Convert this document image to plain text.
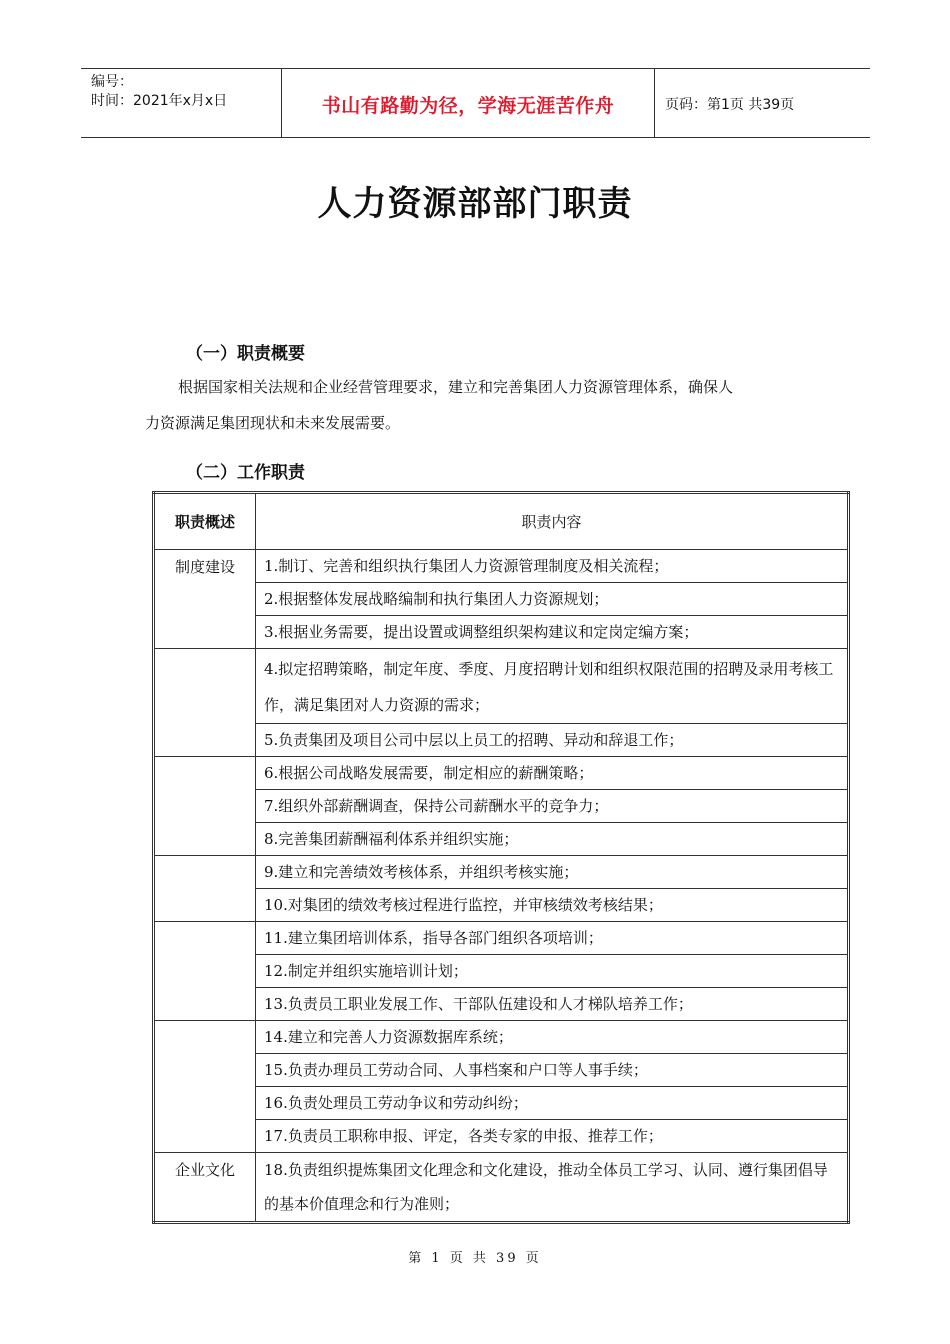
编号：
时间：2021年x月x日	书山有路勤为径，学海无涯苦作舟	页码：第1页 共39页
人力资源部部门职责
（一）职责概要
根据国家相关法规和企业经营管理要求，建立和完善集团人力资源管理体系，确保人
力资源满足集团现状和未来发展需要。
（二）工作职责
职责概述	职责内容
制度建设	1.制订、完善和组织执行集团人力资源管理制度及相关流程；
	2.根据整体发展战略编制和执行集团人力资源规划；
	3.根据业务需要，提出设置或调整组织架构建议和定岗定编方案；
	4.拟定招聘策略，制定年度、季度、月度招聘计划和组织权限范围的招聘及录用考核工作，满足集团对人力资源的需求；
	5.负责集团及项目公司中层以上员工的招聘、异动和辞退工作；
	6.根据公司战略发展需要，制定相应的薪酬策略；
	7.组织外部薪酬调查，保持公司薪酬水平的竞争力；
	8.完善集团薪酬福利体系并组织实施；
	9.建立和完善绩效考核体系，并组织考核实施；
	10.对集团的绩效考核过程进行监控，并审核绩效考核结果；
	11.建立集团培训体系，指导各部门组织各项培训；
	12.制定并组织实施培训计划；
	13.负责员工职业发展工作、干部队伍建设和人才梯队培养工作；
	14.建立和完善人力资源数据库系统；
	15.负责办理员工劳动合同、人事档案和户口等人事手续；
	16.负责处理员工劳动争议和劳动纠纷；
	17.负责员工职称申报、评定，各类专家的申报、推荐工作；
企业文化	18.负责组织提炼集团文化理念和文化建设，推动全体员工学习、认同、遵行集团倡导的基本价值理念和行为准则；
第 1 页 共 39 页
